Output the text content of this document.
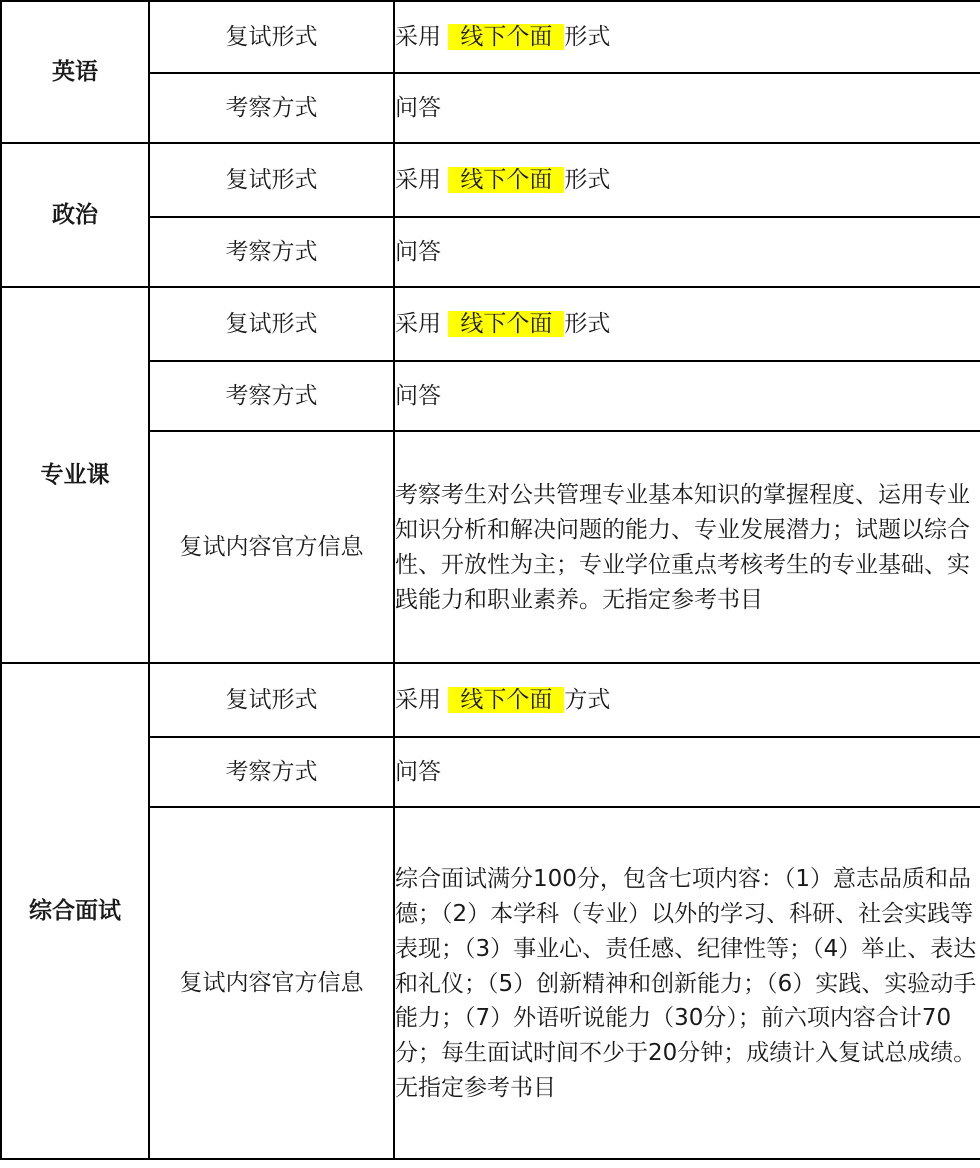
英语	复试形式	采用 线下个面 形式
	考察方式	问答
政治	复试形式	采用 线下个面 形式
	考察方式	问答
专业课	复试形式	采用 线下个面 形式
	考察方式	问答
	复试内容官方信息	考察考生对公共管理专业基本知识的掌握程度、运用专业知识分析和解决问题的能力、专业发展潜力；试题以综合性、开放性为主；专业学位重点考核考生的专业基础、实践能力和职业素养。无指定参考书目
综合面试	复试形式	采用 线下个面 方式
	考察方式	问答
	复试内容官方信息	综合面试满分100分，包含七项内容：（1）意志品质和品德；（2）本学科（专业）以外的学习、科研、社会实践等表现；（3）事业心、责任感、纪律性等；（4）举止、表达和礼仪；（5）创新精神和创新能力；（6）实践、实验动手能力；（7）外语听说能力（30分）；前六项内容合计70分；每生面试时间不少于20分钟；成绩计入复试总成绩。无指定参考书目
